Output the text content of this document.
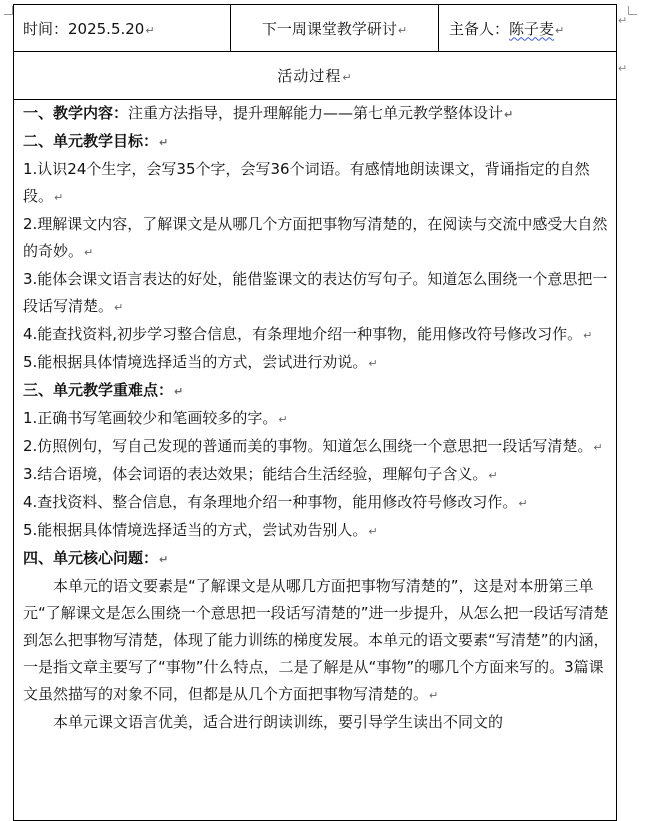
时间：2025.5.20↵	下一周课堂教学研讨↵	主备人：陈子麦↵
活动过程↵

一、教学内容：注重方法指导，提升理解能力——第七单元教学整体设计↵

二、单元教学目标：↵

1.认识24个生字，会写35个字，会写36个词语。有感情地朗读课文，背诵指定的自然段。↵

2.理解课文内容，了解课文是从哪几个方面把事物写清楚的，在阅读与交流中感受大自然的奇妙。↵

3.能体会课文语言表达的好处，能借鉴课文的表达仿写句子。知道怎么围绕一个意思把一段话写清楚。↵

4.能查找资料,初步学习整合信息，有条理地介绍一种事物，能用修改符号修改习作。↵

5.能根据具体情境选择适当的方式，尝试进行劝说。↵

三、单元教学重难点：↵

1.正确书写笔画较少和笔画较多的字。↵

2.仿照例句，写自己发现的普通而美的事物。知道怎么围绕一个意思把一段话写清楚。↵

3.结合语境，体会词语的表达效果；能结合生活经验，理解句子含义。↵

4.查找资料、整合信息，有条理地介绍一种事物，能用修改符号修改习作。↵

5.能根据具体情境选择适当的方式，尝试劝告别人。↵

四、单元核心问题：↵

本单元的语文要素是“了解课文是从哪几方面把事物写清楚的”，这是对本册第三单元“了解课文是怎么围绕一个意思把一段话写清楚的”进一步提升，从怎么把一段话写清楚到怎么把事物写清楚，体现了能力训练的梯度发展。本单元的语文要素“写清楚”的内涵，一是指文章主要写了“事物”什么特点，二是了解是从“事物”的哪几个方面来写的。3篇课文虽然描写的对象不同，但都是从几个方面把事物写清楚的。↵

本单元课文语言优美，适合进行朗读训练，要引导学生读出不同文的

↵
↵
